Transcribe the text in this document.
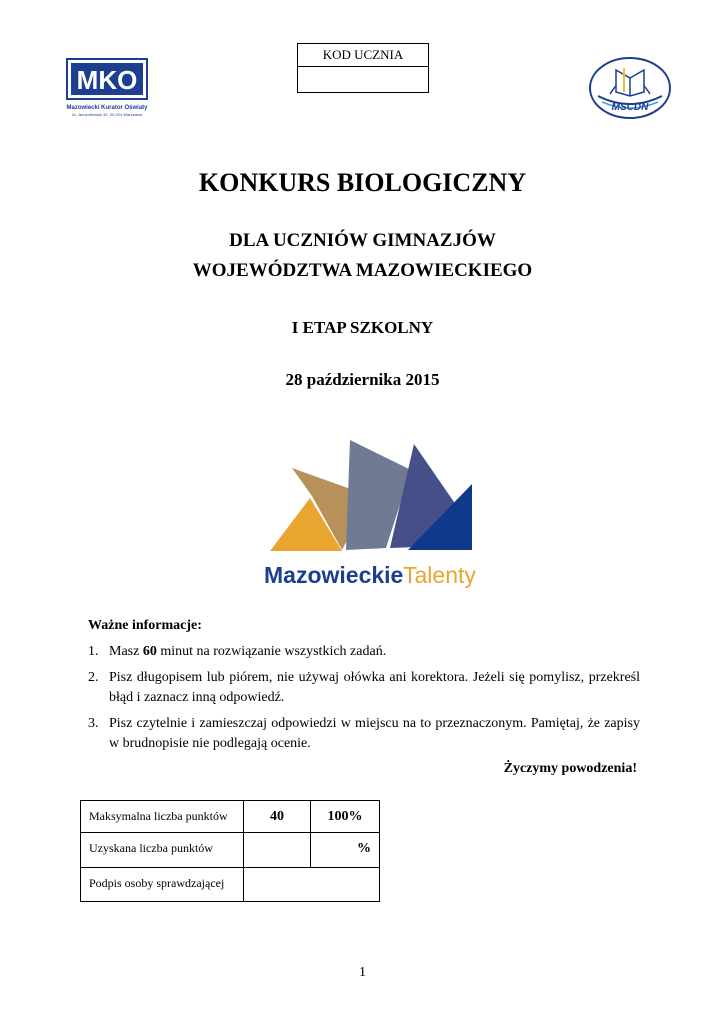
KOD UCZNIA
MKO
Mazowiecki Kurator Oświaty
Al. Jerozolimskie 32, 00-024 Warszawa
MSCDN
KONKURS BIOLOGICZNY
DLA UCZNIÓW GIMNAZJÓW
WOJEWÓDZTWA MAZOWIECKIEGO
I ETAP SZKOLNY
28 października 2015
Mazowieckie Talenty
Ważne informacje:
1. Masz 60 minut na rozwiązanie wszystkich zadań.
2. Pisz długopisem lub piórem, nie używaj ołówka ani korektora. Jeżeli się pomylisz, przekreśl błąd i zaznacz inną odpowiedź.
3. Pisz czytelnie i zamieszczaj odpowiedzi w miejscu na to przeznaczonym. Pamiętaj, że zapisy w brudnopisie nie podlegają ocenie.
Życzymy powodzenia!
Maksymalna liczba punktów	40	100%
Uzyskana liczba punktów		%
Podpis osoby sprawdzającej		
1
